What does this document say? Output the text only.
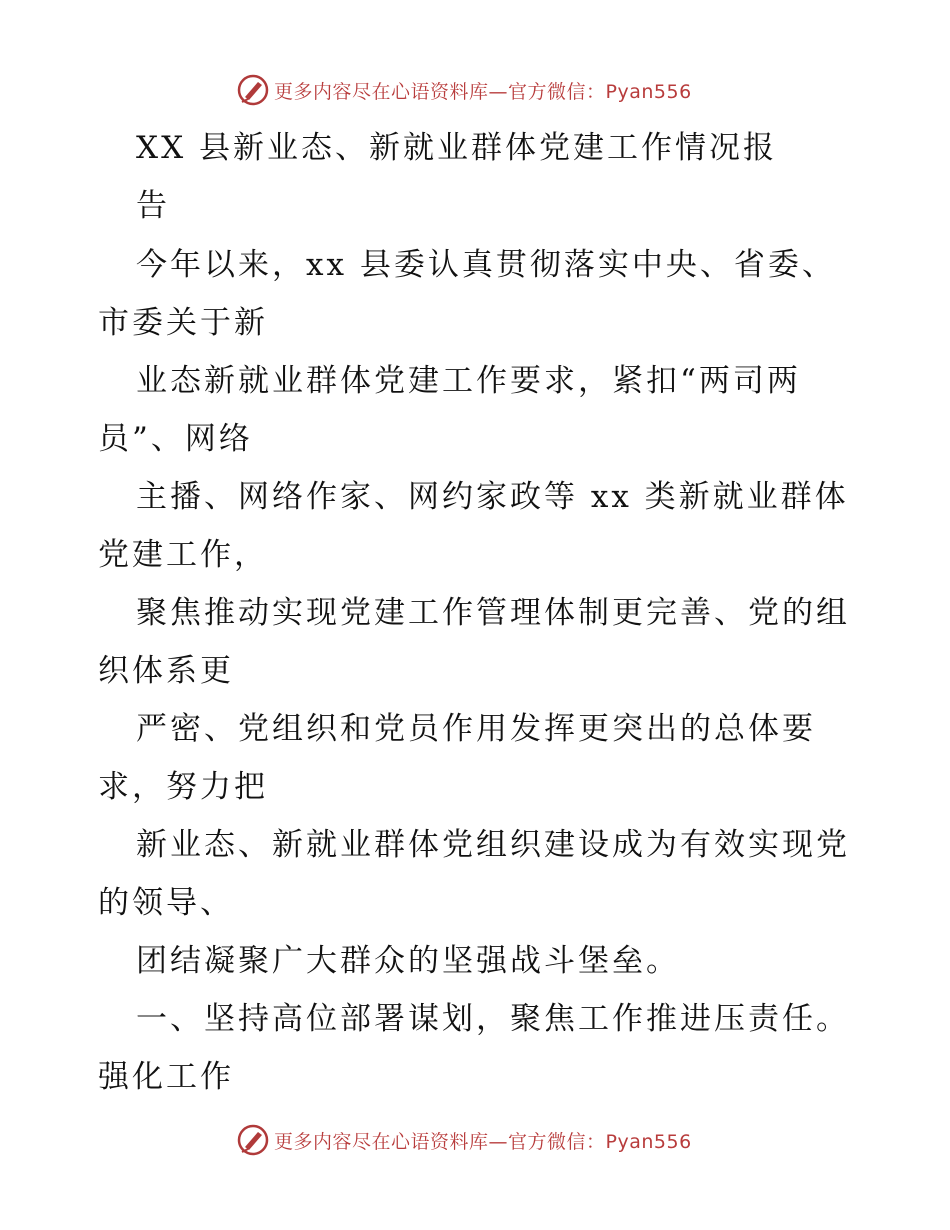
更多内容尽在心语资料库—官方微信：Pyan556
XX 县新业态、新就业群体党建工作情况报
告
今年以来，xx 县委认真贯彻落实中央、省委、
市委关于新
业态新就业群体党建工作要求，紧扣“两司两
员”、网络
主播、网络作家、网约家政等 xx 类新就业群体
党建工作，
聚焦推动实现党建工作管理体制更完善、党的组
织体系更
严密、党组织和党员作用发挥更突出的总体要
求，努力把
新业态、新就业群体党组织建设成为有效实现党
的领导、
团结凝聚广大群众的坚强战斗堡垒。
一、坚持高位部署谋划，聚焦工作推进压责任。
强化工作
更多内容尽在心语资料库—官方微信：Pyan556
